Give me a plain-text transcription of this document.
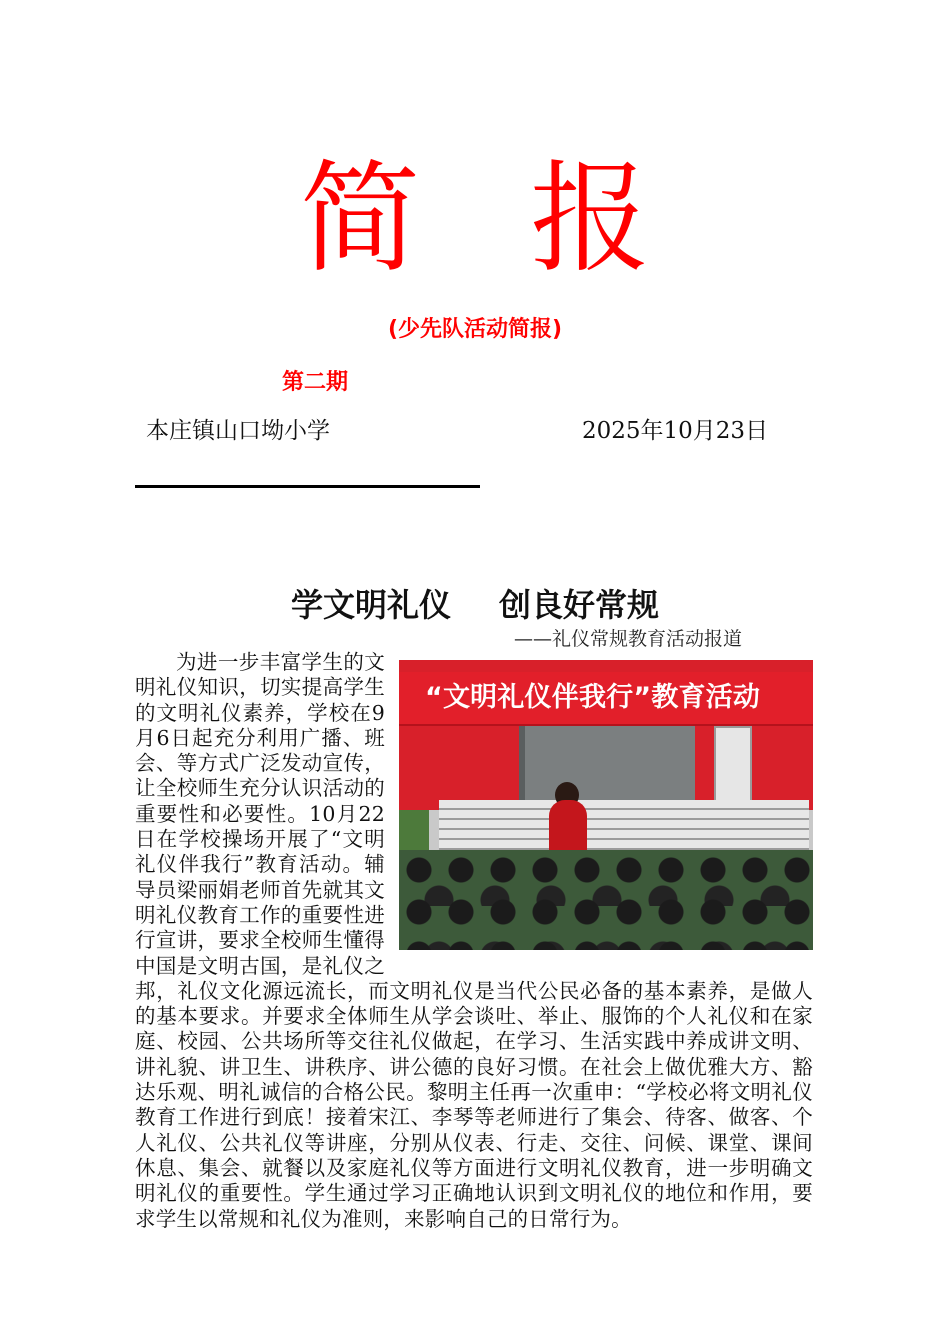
简 报
(少先队活动简报)
第二期
本庄镇山口坳小学	2025年10月23日
学文明礼仪 创良好常规
——礼仪常规教育活动报道
“文明礼仪伴我行”教育活动

为进一步丰富学生的文明礼仪知识，切实提高学生的文明礼仪素养，学校在9月6日起充分利用广播、班会、等方式广泛发动宣传，让全校师生充分认识活动的重要性和必要性。10月22日在学校操场开展了“文明礼仪伴我行”教育活动。辅导员梁丽娟老师首先就其文明礼仪教育工作的重要性进行宣讲，要求全校师生懂得中国是文明古国，是礼仪之邦，礼仪文化源远流长，而文明礼仪是当代公民必备的基本素养，是做人的基本要求。并要求全体师生从学会谈吐、举止、服饰的个人礼仪和在家庭、校园、公共场所等交往礼仪做起，在学习、生活实践中养成讲文明、讲礼貌、讲卫生、讲秩序、讲公德的良好习惯。在社会上做优雅大方、豁达乐观、明礼诚信的合格公民。黎明主任再一次重申：“学校必将文明礼仪教育工作进行到底！接着宋江、李琴等老师进行了集会、待客、做客、个人礼仪、公共礼仪等讲座，分别从仪表、行走、交往、问候、课堂、课间休息、集会、就餐以及家庭礼仪等方面进行文明礼仪教育，进一步明确文明礼仪的重要性。学生通过学习正确地认识到文明礼仪的地位和作用，要求学生以常规和礼仪为准则，来影响自己的日常行为。
